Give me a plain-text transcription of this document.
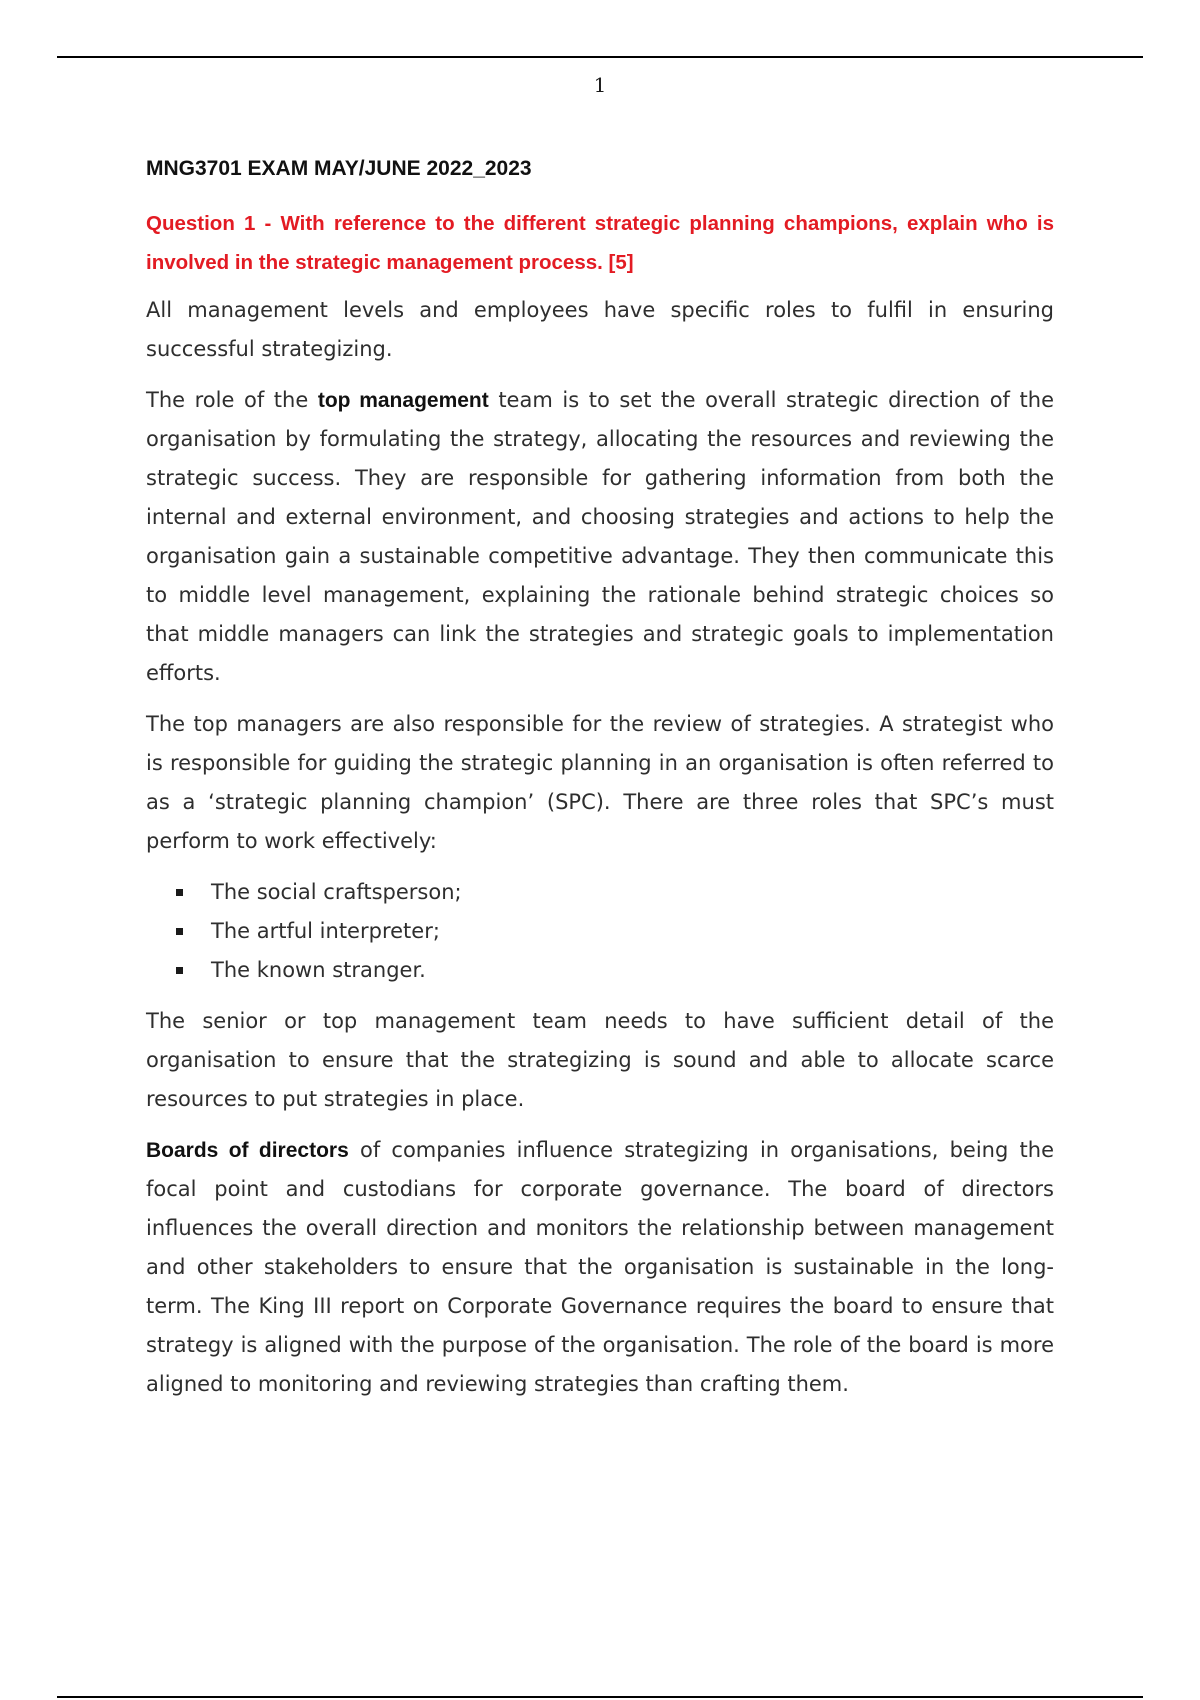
1
MNG3701 EXAM MAY/JUNE 2022_2023
Question 1 - With reference to the different strategic planning champions, explain who is involved in the strategic management process. [5]

All management levels and employees have specific roles to fulfil in ensuring successful strategizing.

The role of the top management team is to set the overall strategic direction of the organisation by formulating the strategy, allocating the resources and reviewing the strategic success. They are responsible for gathering information from both the internal and external environment, and choosing strategies and actions to help the organisation gain a sustainable competitive advantage. They then communicate this to middle level management, explaining the rationale behind strategic choices so that middle managers can link the strategies and strategic goals to implementation efforts.

The top managers are also responsible for the review of strategies. A strategist who is responsible for guiding the strategic planning in an organisation is often referred to as a ‘strategic planning champion’ (SPC). There are three roles that SPC’s must perform to work effectively:

The social craftsperson;
The artful interpreter;
The known stranger.

The senior or top management team needs to have sufficient detail of the organisation to ensure that the strategizing is sound and able to allocate scarce resources to put strategies in place.

Boards of directors of companies influence strategizing in organisations, being the focal point and custodians for corporate governance. The board of directors influences the overall direction and monitors the relationship between management and other stakeholders to ensure that the organisation is sustainable in the long-term. The King III report on Corporate Governance requires the board to ensure that strategy is aligned with the purpose of the organisation. The role of the board is more aligned to monitoring and reviewing strategies than crafting them.
